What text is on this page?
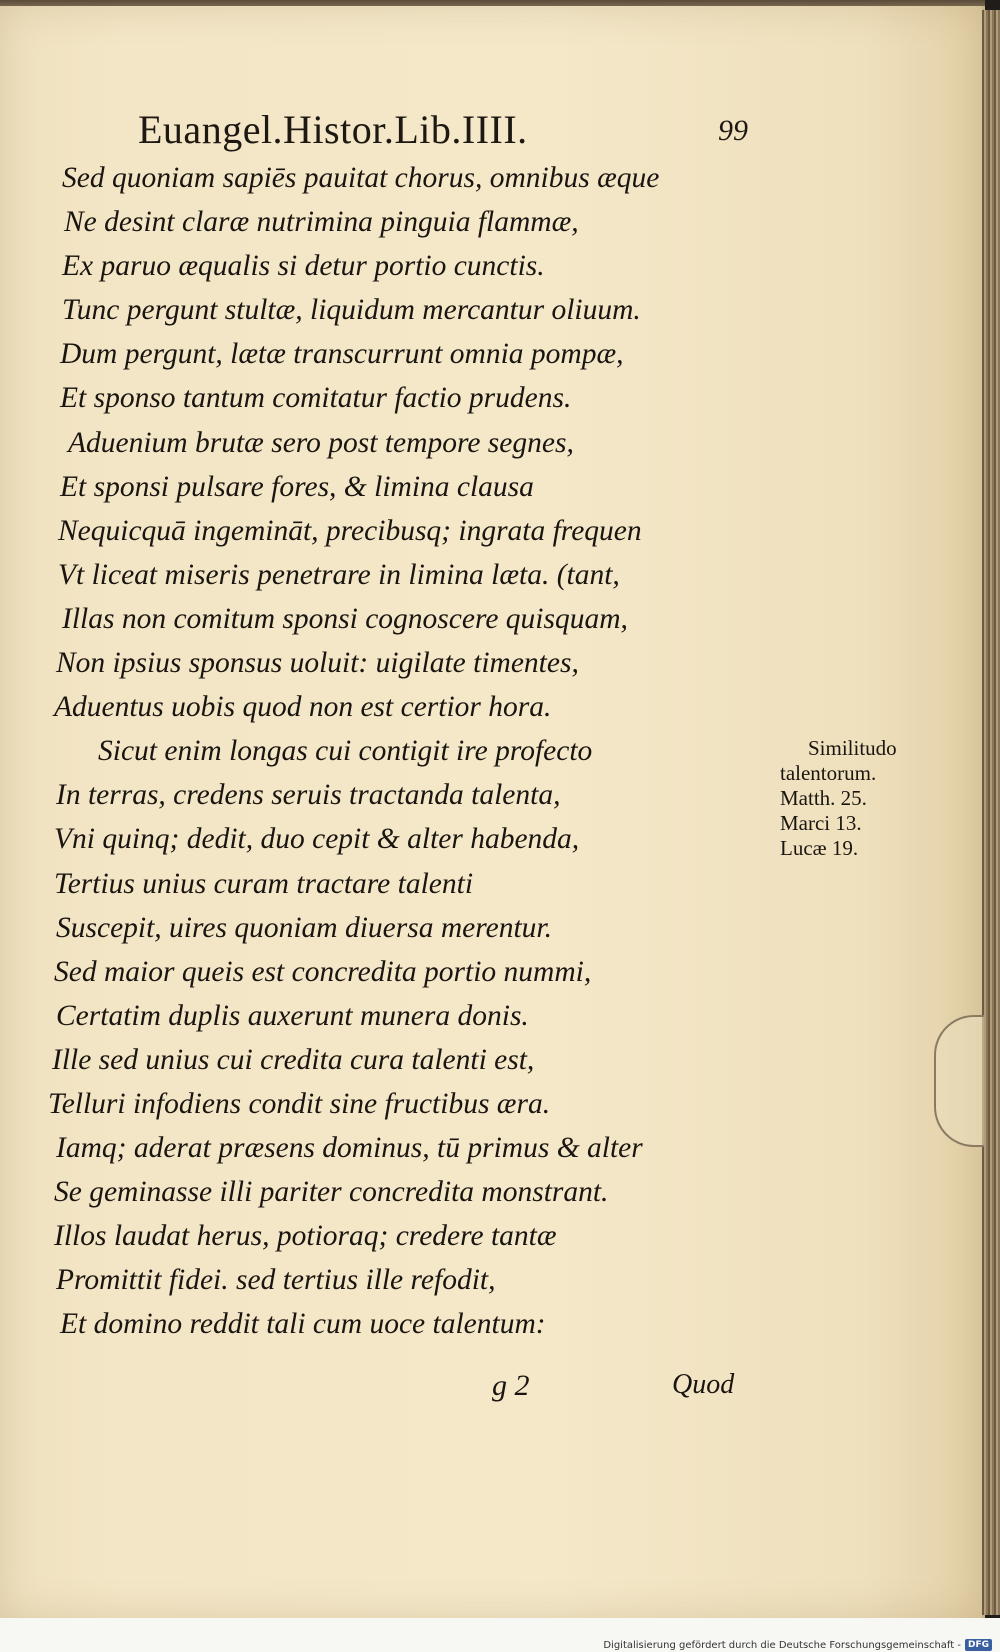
Euangel.Histor.Lib.IIII.	99
Sed quoniam sapiēs pauitat chorus, omnibus æque
Ne desint claræ nutrimina pinguia flammæ,
Ex paruo æqualis si detur portio cunctis.
Tunc pergunt stultæ, liquidum mercantur oliuum.
Dum pergunt, lætæ transcurrunt omnia pompæ,
Et sponso tantum comitatur factio prudens.
Aduenium brutæ sero post tempore segnes,
Et sponsi pulsare fores, & limina clausa
Nequicquā ingemināt, precibusq; ingrata frequen
Vt liceat miseris penetrare in limina læta. (tant,
Illas non comitum sponsi cognoscere quisquam,
Non ipsius sponsus uoluit: uigilate timentes,
Aduentus uobis quod non est certior hora.
Sicut enim longas cui contigit ire profecto
In terras, credens seruis tractanda talenta,
Vni quinq; dedit, duo cepit & alter habenda,
Tertius unius curam tractare talenti
Suscepit, uires quoniam diuersa merentur.
Sed maior queis est concredita portio nummi,
Certatim duplis auxerunt munera donis.
Ille sed unius cui credita cura talenti est,
Telluri infodiens condit sine fructibus æra.
Iamq; aderat præsens dominus, tū primus & alter
Se geminasse illi pariter concredita monstrant.
Illos laudat herus, potioraq; credere tantæ
Promittit fidei. sed tertius ille refodit,
Et domino reddit tali cum uoce talentum:
Similitudo
talentorum.
Matth. 25.
Marci 13.
Lucæ 19.
g 2	Quod
Digitalisierung gefördert durch die Deutsche Forschungsgemeinschaft - DFG
